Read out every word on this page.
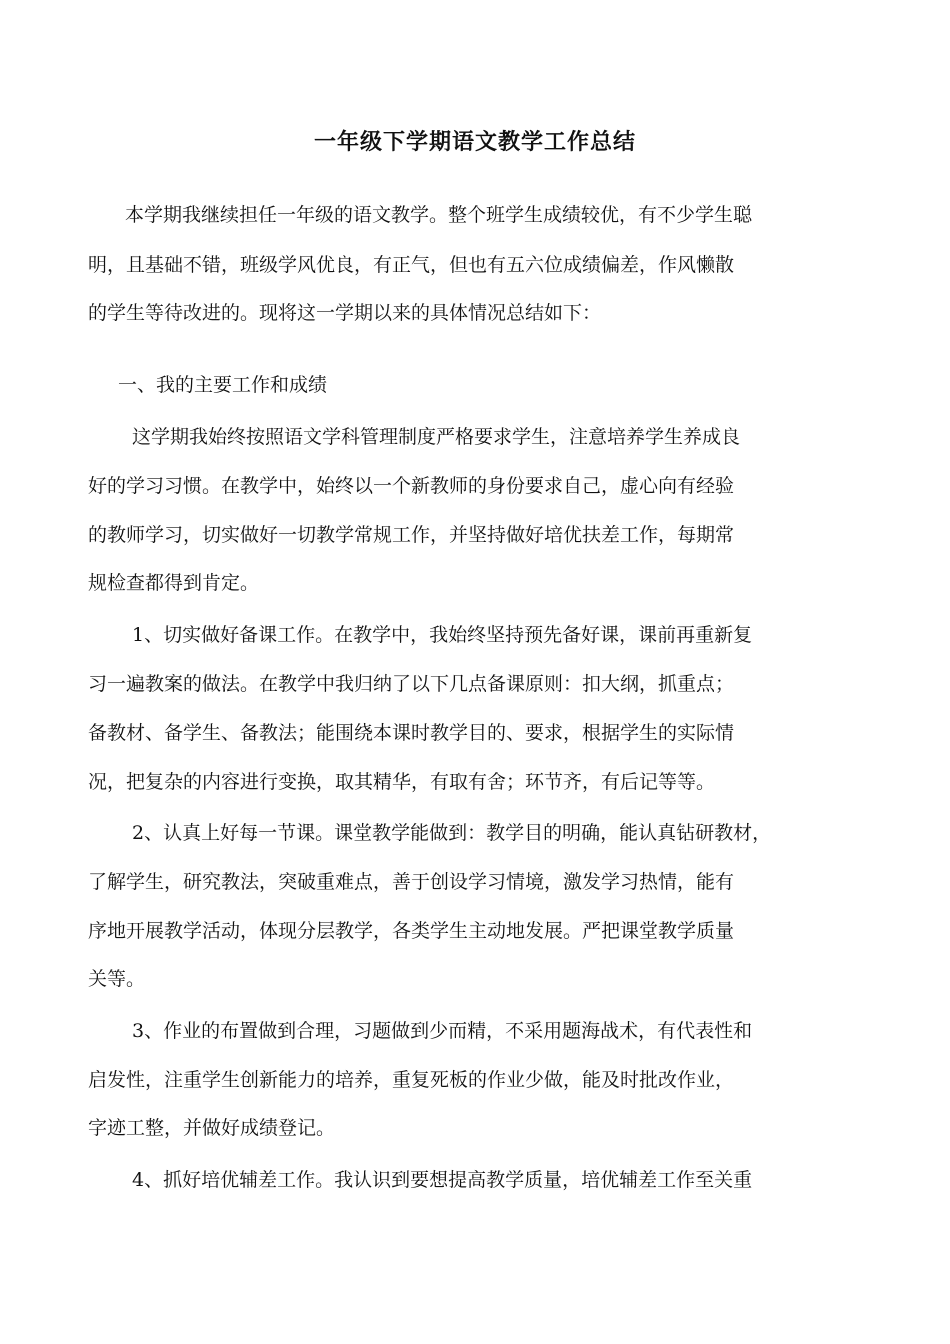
一年级下学期语文教学工作总结
本学期我继续担任一年级的语文教学。整个班学生成绩较优，有不少学生聪
明，且基础不错，班级学风优良，有正气，但也有五六位成绩偏差，作风懒散
的学生等待改进的。现将这一学期以来的具体情况总结如下：
一、我的主要工作和成绩
这学期我始终按照语文学科管理制度严格要求学生，注意培养学生养成良
好的学习习惯。在教学中，始终以一个新教师的身份要求自己，虚心向有经验
的教师学习，切实做好一切教学常规工作，并坚持做好培优扶差工作，每期常
规检查都得到肯定。
1、切实做好备课工作。在教学中，我始终坚持预先备好课，课前再重新复
习一遍教案的做法。在教学中我归纳了以下几点备课原则：扣大纲，抓重点；
备教材、备学生、备教法；能围绕本课时教学目的、要求，根据学生的实际情
况，把复杂的内容进行变换，取其精华，有取有舍；环节齐，有后记等等。
2、认真上好每一节课。课堂教学能做到：教学目的明确，能认真钻研教材，
了解学生，研究教法，突破重难点，善于创设学习情境，激发学习热情，能有
序地开展教学活动，体现分层教学，各类学生主动地发展。严把课堂教学质量
关等。
3、作业的布置做到合理，习题做到少而精，不采用题海战术，有代表性和
启发性，注重学生创新能力的培养，重复死板的作业少做，能及时批改作业，
字迹工整，并做好成绩登记。
4、抓好培优辅差工作。我认识到要想提高教学质量，培优辅差工作至关重
